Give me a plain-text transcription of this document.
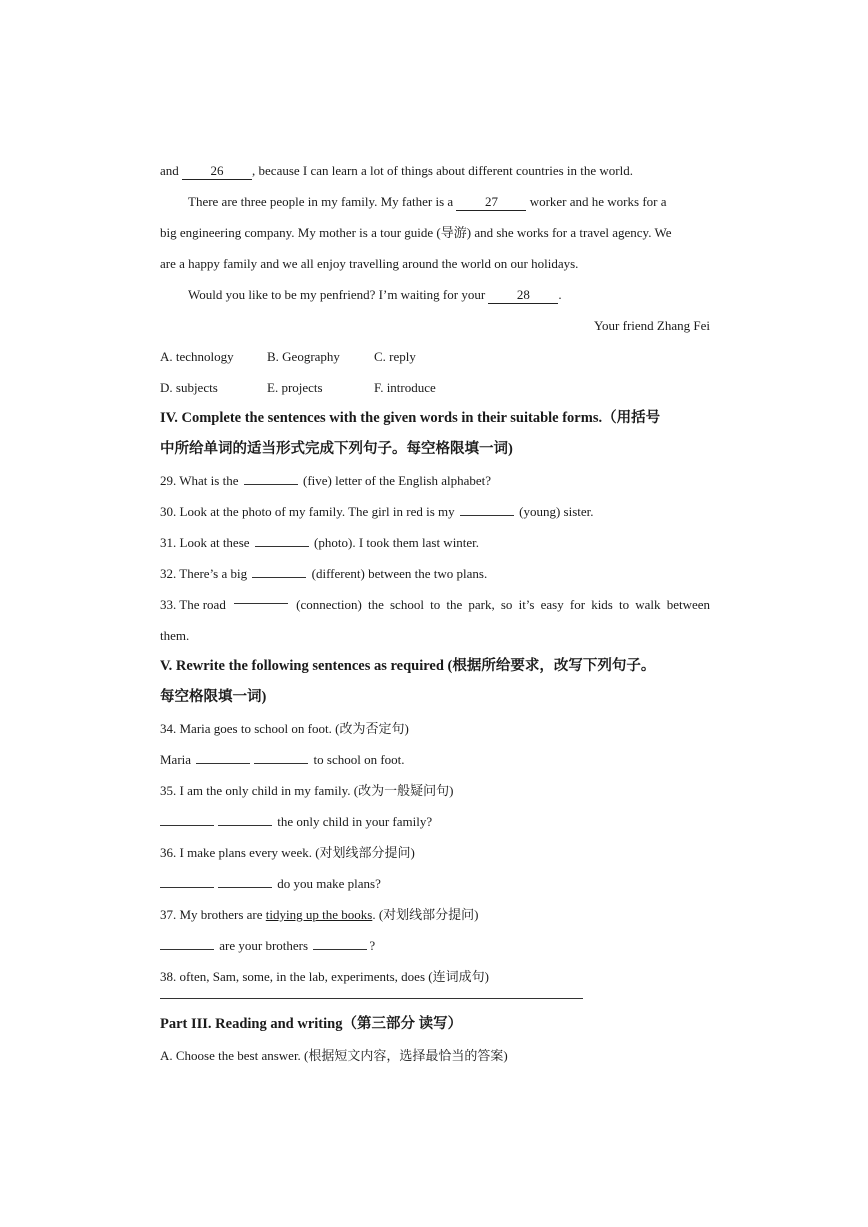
and 26 , because I can learn a lot of things about different countries in the world.
There are three people in my family. My father is a 27 worker and he works for a
big engineering company. My mother is a tour guide (导游) and she works for a travel agency. We
are a happy family and we all enjoy travelling around the world on our holidays.
Would you like to be my penfriend? I’m waiting for your 28 .
Your friend Zhang Fei
A. technology	B. Geography	C. reply
D. subjects	E. projects	F. introduce
IV. Complete the sentences with the given words in their suitable forms.（用括号
中所给单词的适当形式完成下列句子。每空格限填一词)
29. What is the	(five) letter of the English alphabet?
30. Look at the photo of my family. The girl in red is my	(young) sister.
31. Look at these	(photo). I took them last winter.
32. There’s a big	(different) between the two plans.
33. The road	(connection) the school to the park, so it’s easy for kids to walk between
them.
V. Rewrite the following sentences as required (根据所给要求，改写下列句子。
每空格限填一词)
34. Maria goes to school on foot. (改为否定句)
Maria	to school on foot.
35. I am the only child in my family. (改为一般疑问句)
the only child in your family?
36. I make plans every week. (对划线部分提问)
do you make plans?
37. My brothers are tidying up the books. (对划线部分提问)
are your brothers	?
38. often, Sam, some, in the lab, experiments, does (连词成句)
Part III. Reading and writing（第三部分 读写）
A. Choose the best answer. (根据短文内容，选择最恰当的答案)
